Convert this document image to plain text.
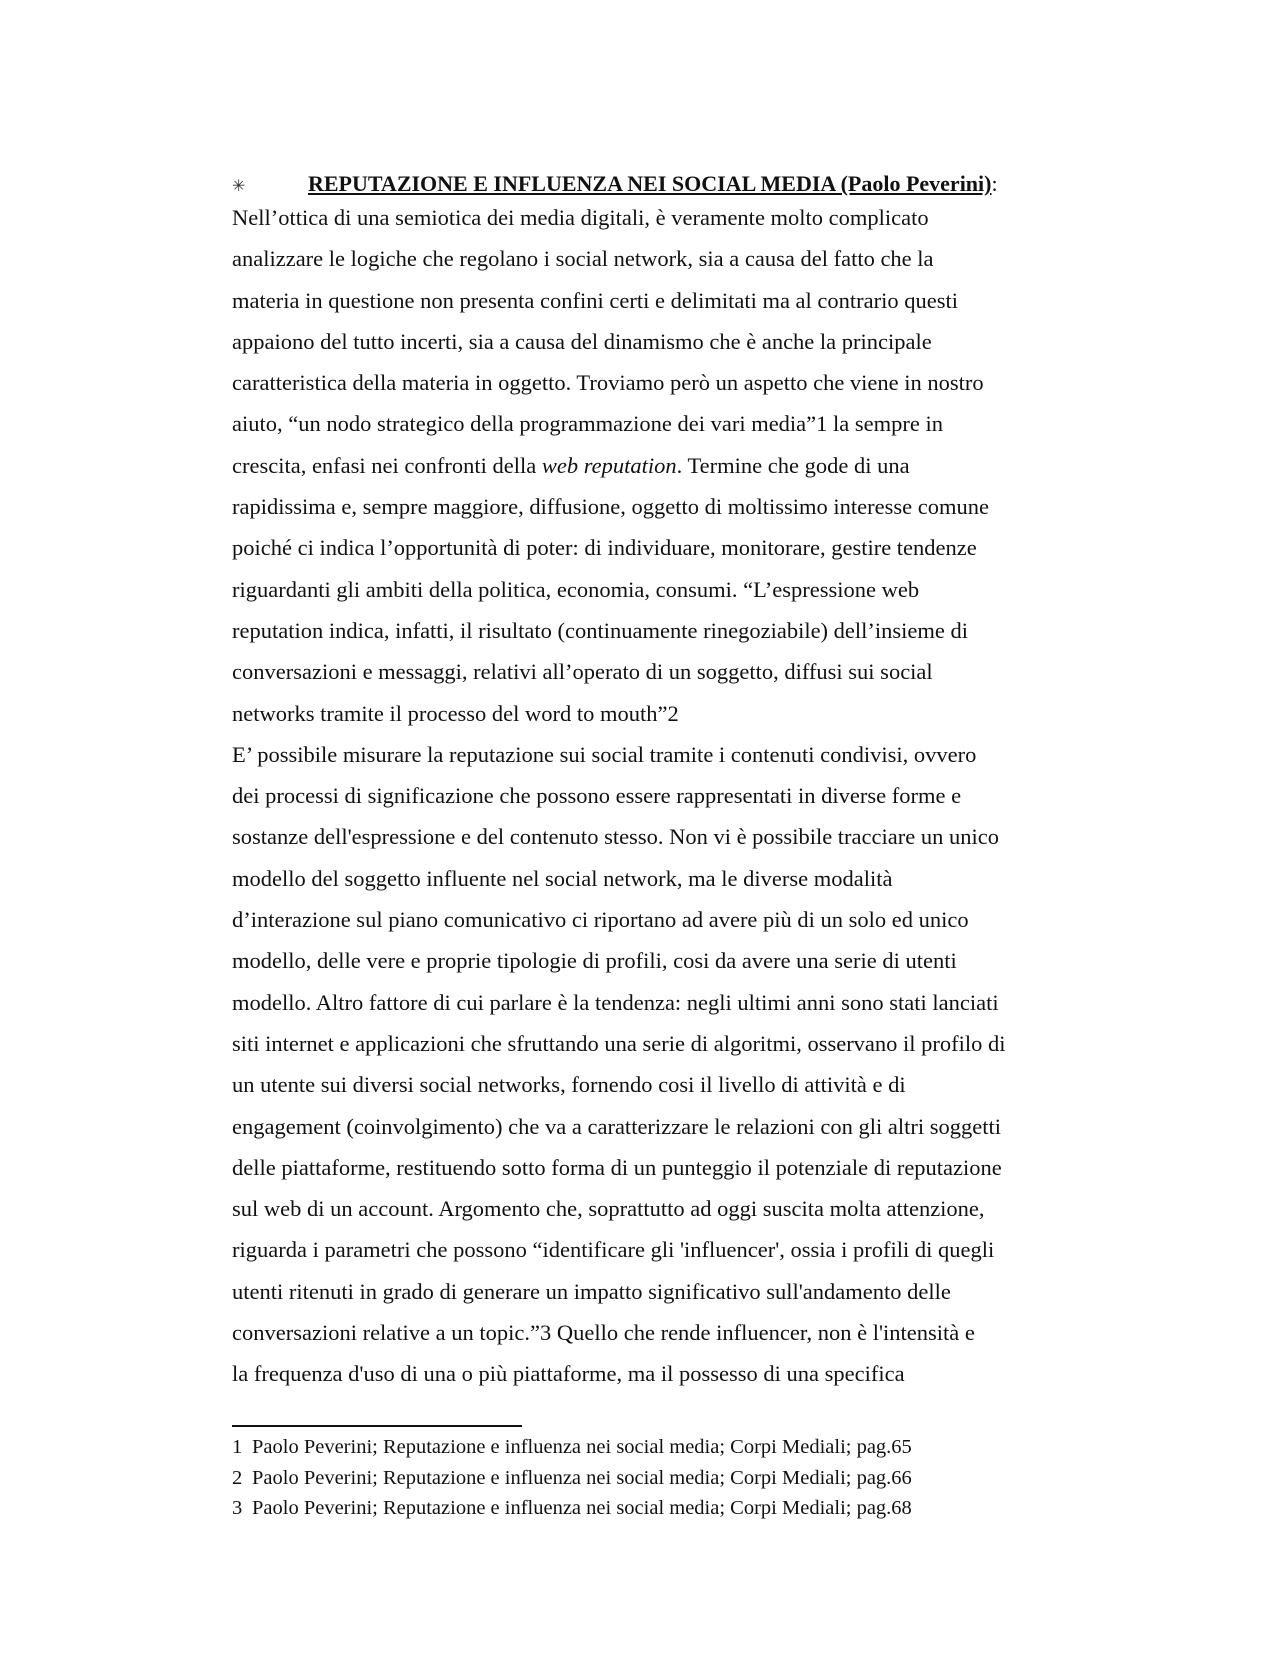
✳	REPUTAZIONE E INFLUENZA NEI SOCIAL MEDIA (Paolo Peverini):
Nell’ottica di una semiotica dei media digitali, è veramente molto complicato
analizzare le logiche che regolano i social network, sia a causa del fatto che la
materia in questione non presenta confini certi e delimitati ma al contrario questi
appaiono del tutto incerti, sia a causa del dinamismo che è anche la principale
caratteristica della materia in oggetto. Troviamo però un aspetto che viene in nostro
aiuto, “un nodo strategico della programmazione dei vari media”1 la sempre in
crescita, enfasi nei confronti della web reputation. Termine che gode di una
rapidissima e, sempre maggiore, diffusione, oggetto di moltissimo interesse comune
poiché ci indica l’opportunità di poter: di individuare, monitorare, gestire tendenze
riguardanti gli ambiti della politica, economia, consumi. “L’espressione web
reputation indica, infatti, il risultato (continuamente rinegoziabile) dell’insieme di
conversazioni e messaggi, relativi all’operato di un soggetto, diffusi sui social
networks tramite il processo del word to mouth”2
E’ possibile misurare la reputazione sui social tramite i contenuti condivisi, ovvero
dei processi di significazione che possono essere rappresentati in diverse forme e
sostanze dell'espressione e del contenuto stesso. Non vi è possibile tracciare un unico
modello del soggetto influente nel social network, ma le diverse modalità
d’interazione sul piano comunicativo ci riportano ad avere più di un solo ed unico
modello, delle vere e proprie tipologie di profili, cosi da avere una serie di utenti
modello. Altro fattore di cui parlare è la tendenza: negli ultimi anni sono stati lanciati
siti internet e applicazioni che sfruttando una serie di algoritmi, osservano il profilo di
un utente sui diversi social networks, fornendo cosi il livello di attività e di
engagement (coinvolgimento) che va a caratterizzare le relazioni con gli altri soggetti
delle piattaforme, restituendo sotto forma di un punteggio il potenziale di reputazione
sul web di un account. Argomento che, soprattutto ad oggi suscita molta attenzione,
riguarda i parametri che possono “identificare gli 'influencer', ossia i profili di quegli
utenti ritenuti in grado di generare un impatto significativo sull'andamento delle
conversazioni relative a un topic.”3 Quello che rende influencer, non è l'intensità e
la frequenza d'uso di una o più piattaforme, ma il possesso di una specifica
1 Paolo Peverini; Reputazione e influenza nei social media; Corpi Mediali; pag.65
2 Paolo Peverini; Reputazione e influenza nei social media; Corpi Mediali; pag.66
3 Paolo Peverini; Reputazione e influenza nei social media; Corpi Mediali; pag.68
